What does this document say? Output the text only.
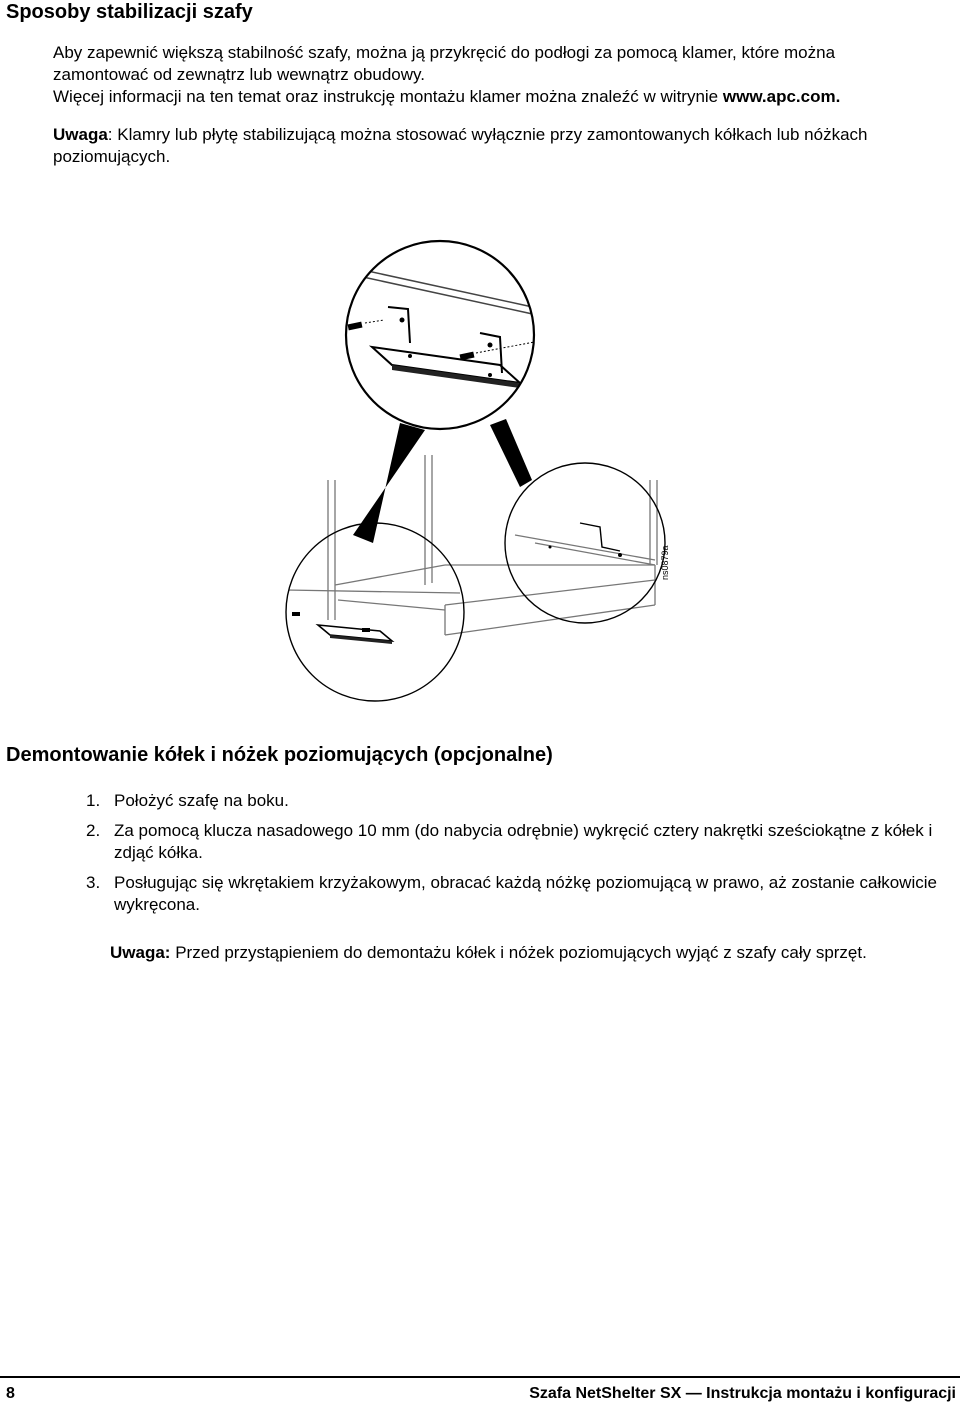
Sposoby stabilizacji szafy

Aby zapewnić większą stabilność szafy, można ją przykręcić do podłogi za pomocą klamer, które można
zamontować od zewnątrz lub wewnątrz obudowy.
Więcej informacji na ten temat oraz instrukcję montażu klamer można znaleźć w witrynie www.apc.com.

Uwaga: Klamry lub płytę stabilizującą można stosować wyłącznie przy zamontowanych kółkach lub nóżkach poziomujących.

ns0879a
Demontowanie kółek i nóżek poziomujących (opcjonalne)
1. Położyć szafę na boku.
2. Za pomocą klucza nasadowego 10 mm (do nabycia odrębnie) wykręcić cztery nakrętki sześciokątne z kółek i zdjąć kółka.
3. Posługując się wkrętakiem krzyżakowym, obracać każdą nóżkę poziomującą w prawo, aż zostanie całkowicie wykręcona.

Uwaga: Przed przystąpieniem do demontażu kółek i nóżek poziomujących wyjąć z szafy cały sprzęt.

8	Szafa NetShelter SX — Instrukcja montażu i konfiguracji
